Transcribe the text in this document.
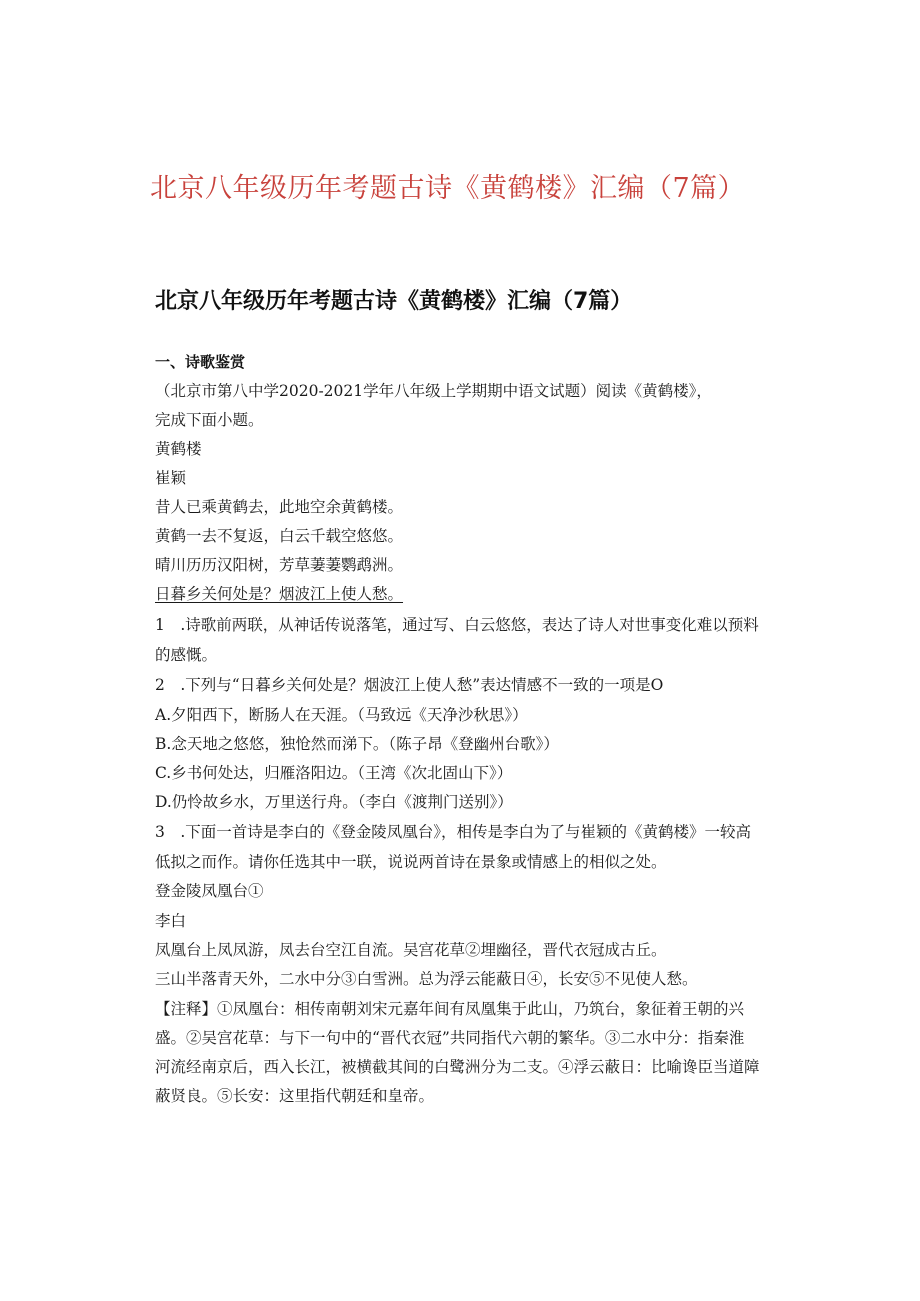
北京八年级历年考题古诗《黄鹤楼》汇编（7篇）
北京八年级历年考题古诗《黄鹤楼》汇编（7篇）
一、诗歌鉴赏
（北京市第八中学2020-2021学年八年级上学期期中语文试题）阅读《黄鹤楼》，
完成下面小题。
黄鹤楼
崔颖
昔人已乘黄鹤去，此地空余黄鹤楼。
黄鹤一去不复返，白云千载空悠悠。
晴川历历汉阳树，芳草萋萋鹦鹉洲。
日暮乡关何处是？烟波江上使人愁。
1　.诗歌前两联，从神话传说落笔，通过写、白云悠悠，表达了诗人对世事变化难以预料
的感慨。
2　.下列与“日暮乡关何处是？烟波江上使人愁”表达情感不一致的一项是O
A.夕阳西下，断肠人在天涯。（马致远《天净沙秋思》）
B.念天地之悠悠，独怆然而涕下。（陈子昂《登幽州台歌》）
C.乡书何处达，归雁洛阳边。（王湾《次北固山下》）
D.仍怜故乡水，万里送行舟。（李白《渡荆门送别》）
3　.下面一首诗是李白的《登金陵凤凰台》，相传是李白为了与崔颖的《黄鹤楼》一较高
低拟之而作。请你任选其中一联，说说两首诗在景象或情感上的相似之处。
登金陵凤凰台①
李白
凤凰台上凤凤游，凤去台空江自流。吴宫花草②埋幽径，晋代衣冠成古丘。
三山半落青天外，二水中分③白雪洲。总为浮云能蔽日④，长安⑤不见使人愁。
【注释】①凤凰台：相传南朝刘宋元嘉年间有凤凰集于此山，乃筑台，象征着王朝的兴
盛。②吴宫花草：与下一句中的“晋代衣冠”共同指代六朝的繁华。③二水中分：指秦淮
河流经南京后，西入长江，被横截其间的白鹭洲分为二支。④浮云蔽日：比喻谗臣当道障
蔽贤良。⑤长安：这里指代朝廷和皇帝。
